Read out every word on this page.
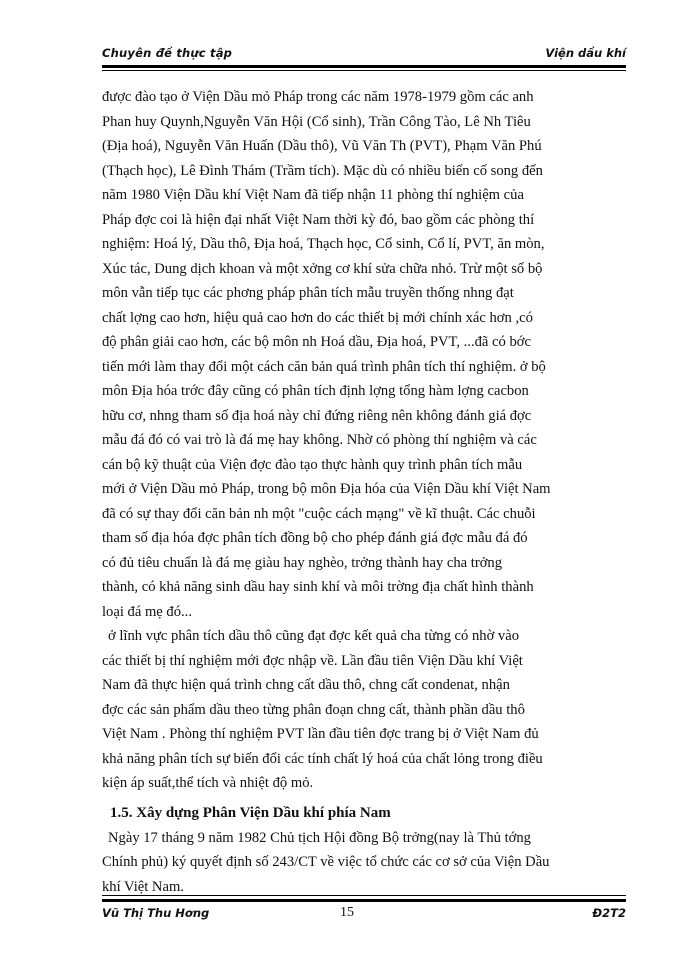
Chuyên đề thực tập	Viện dầu khí

được đào tạo ở Viện Dầu mỏ Pháp trong các năm 1978-1979 gồm các anh
Phan huy Quynh,Nguyễn Văn Hội (Cổ sinh), Trần Công Tào, Lê Nh Tiêu
(Địa hoá), Nguyễn Văn Huấn (Dầu thô), Vũ Văn Th (PVT), Phạm Văn Phú
(Thạch học), Lê Đình Thám (Trầm tích). Mặc dù có nhiều biến cố song đến
năm 1980 Viện Dầu khí Việt Nam đã tiếp nhận 11 phòng thí nghiệm của
Pháp đợc coi là hiện đại nhất Việt Nam thời kỳ đó, bao gồm các phòng thí
nghiệm: Hoá lý, Dầu thô, Địa hoá, Thạch học, Cổ sinh, Cổ lí, PVT, ăn mòn,
Xúc tác, Dung dịch khoan và một xởng cơ khí sửa chữa nhỏ. Trừ một số bộ
môn vẫn tiếp tục các phơng pháp phân tích mẫu truyền thống nhng đạt
chất lợng cao hơn, hiệu quả cao hơn do các thiết bị mới chính xác hơn ,có
độ phân giải cao hơn, các bộ môn nh Hoá dầu, Địa hoá, PVT, ...đã có bớc
tiến mới làm thay đổi một cách căn bản quá trình phân tích thí nghiệm. ở bộ
môn Địa hóa trớc đây cũng có phân tích định lợng tổng hàm lợng cacbon
hữu cơ, nhng tham số địa hoá này chỉ đứng riêng nên không đánh giá đợc
mẫu đá đó có vai trò là đá mẹ hay không. Nhờ có phòng thí nghiệm và các
cán bộ kỹ thuật của Viện đợc đào tạo thực hành quy trình phân tích mẫu
mới ở Viện Dầu mỏ Pháp, trong bộ môn Địa hóa của Viện Dầu khí Việt Nam
đã có sự thay đổi căn bản nh một "cuộc cách mạng" về kĩ thuật. Các chuỗi
tham số địa hóa đợc phân tích đồng bộ cho phép đánh giá đợc mẫu đá đó
có đủ tiêu chuẩn là đá mẹ giàu hay nghèo, trởng thành hay cha trởng
thành, có khả năng sinh dầu hay sinh khí và môi trờng địa chất hình thành
loại đá mẹ đó...

ở lĩnh vực phân tích dầu thô cũng đạt đợc kết quả cha từng có nhờ vào
các thiết bị thí nghiệm mới đợc nhập về. Lần đầu tiên Viện Dầu khí Việt
Nam đã thực hiện quá trình chng cất dầu thô, chng cất condenat, nhận
đợc các sản phẩm dầu theo từng phân đoạn chng cất, thành phần dầu thô
Việt Nam . Phòng thí nghiệm PVT lần đầu tiên đợc trang bị ở Việt Nam đủ
khả năng phân tích sự biến đổi các tính chất lý hoá của chất lỏng trong điều
kiện áp suất,thể tích và nhiệt độ mỏ.

1.5. Xây dựng Phân Viện Dầu khí phía Nam

Ngày 17 tháng 9 năm 1982 Chủ tịch Hội đồng Bộ trởng(nay là Thủ tớng
Chính phủ) ký quyết định số 243/CT về việc tổ chức các cơ sở của Viện Dầu
khí Việt Nam.

Vũ Thị Thu Hơng	15	Đ2T2
